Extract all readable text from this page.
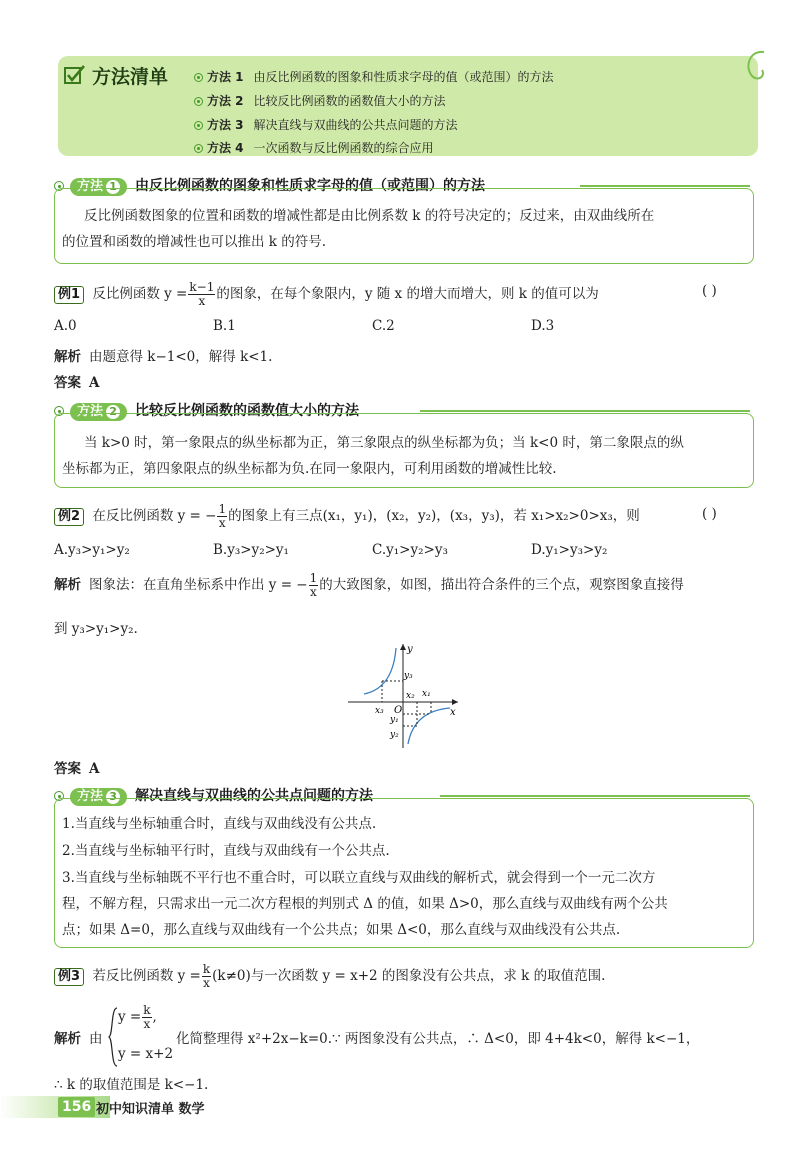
方法清单	方法 1 由反比例函数的图象和性质求字母的值（或范围）的方法
方法 2 比较反比例函数的函数值大小的方法
方法 3 解决直线与双曲线的公共点问题的方法
方法 4 一次函数与反比例函数的综合应用
方法 1 由反比例函数的图象和性质求字母的值（或范围）的方法
反比例函数图象的位置和函数的增减性都是由比例系数 k 的符号决定的；反过来，由双曲线所在
的位置和函数的增减性也可以推出 k 的符号.
例1 反比例函数 $y = \frac{k-1}{x}$ 的图象，在每个象限内，y 随 x 的增大而增大，则 k 的值可以为	( )
A.0	B.1	C.2	D.3
解析 由题意得 k−1<0，解得 k<1.
答案 A
方法 2 比较反比例函数的函数值大小的方法
当 k>0 时，第一象限点的纵坐标都为正，第三象限点的纵坐标都为负；当 k<0 时，第二象限点的纵
坐标都为正，第四象限点的纵坐标都为负.在同一象限内，可利用函数的增减性比较.
例2 在反比例函数 y = − $\frac{1}{x}$ 的图象上有三点(x₁，y₁)，(x₂，y₂)，(x₃，y₃)，若 x₁>x₂>0>x₃，则	( )
A.y₃>y₁>y₂	B.y₃>y₂>y₁	C.y₁>y₂>y₃	D.y₁>y₃>y₂
解析 图象法：在直角坐标系中作出 y = − $\frac{1}{x}$ 的大致图象，如图，描出符合条件的三个点，观察图象直接得
到 y₃>y₁>y₂.
y
x
O
x₃
x₂ x₁
y₃
y₁
y₂
答案 A
方法 3 解决直线与双曲线的公共点问题的方法
1.当直线与坐标轴重合时，直线与双曲线没有公共点.
2.当直线与坐标轴平行时，直线与双曲线有一个公共点.
3.当直线与坐标轴既不平行也不重合时，可以联立直线与双曲线的解析式，就会得到一个一元二次方
程，不解方程，只需求出一元二次方程根的判别式 Δ 的值，如果 Δ>0，那么直线与双曲线有两个公共
点；如果 Δ=0，那么直线与双曲线有一个公共点；如果 Δ<0，那么直线与双曲线没有公共点.
例3 若反比例函数 $y = \frac{k}{x} (k\ne 0)$与一次函数 y = x+2 的图象没有公共点，求 k 的取值范围.
解析 由
$y = \frac{k}{x}$ ,
y = x+2
化简整理得 x²+2x−k=0.∵ 两图象没有公共点，∴ Δ<0，即 4+4k<0，解得 k<−1，
∴ k 的取值范围是 k<−1.
156 初中知识清单 数学
